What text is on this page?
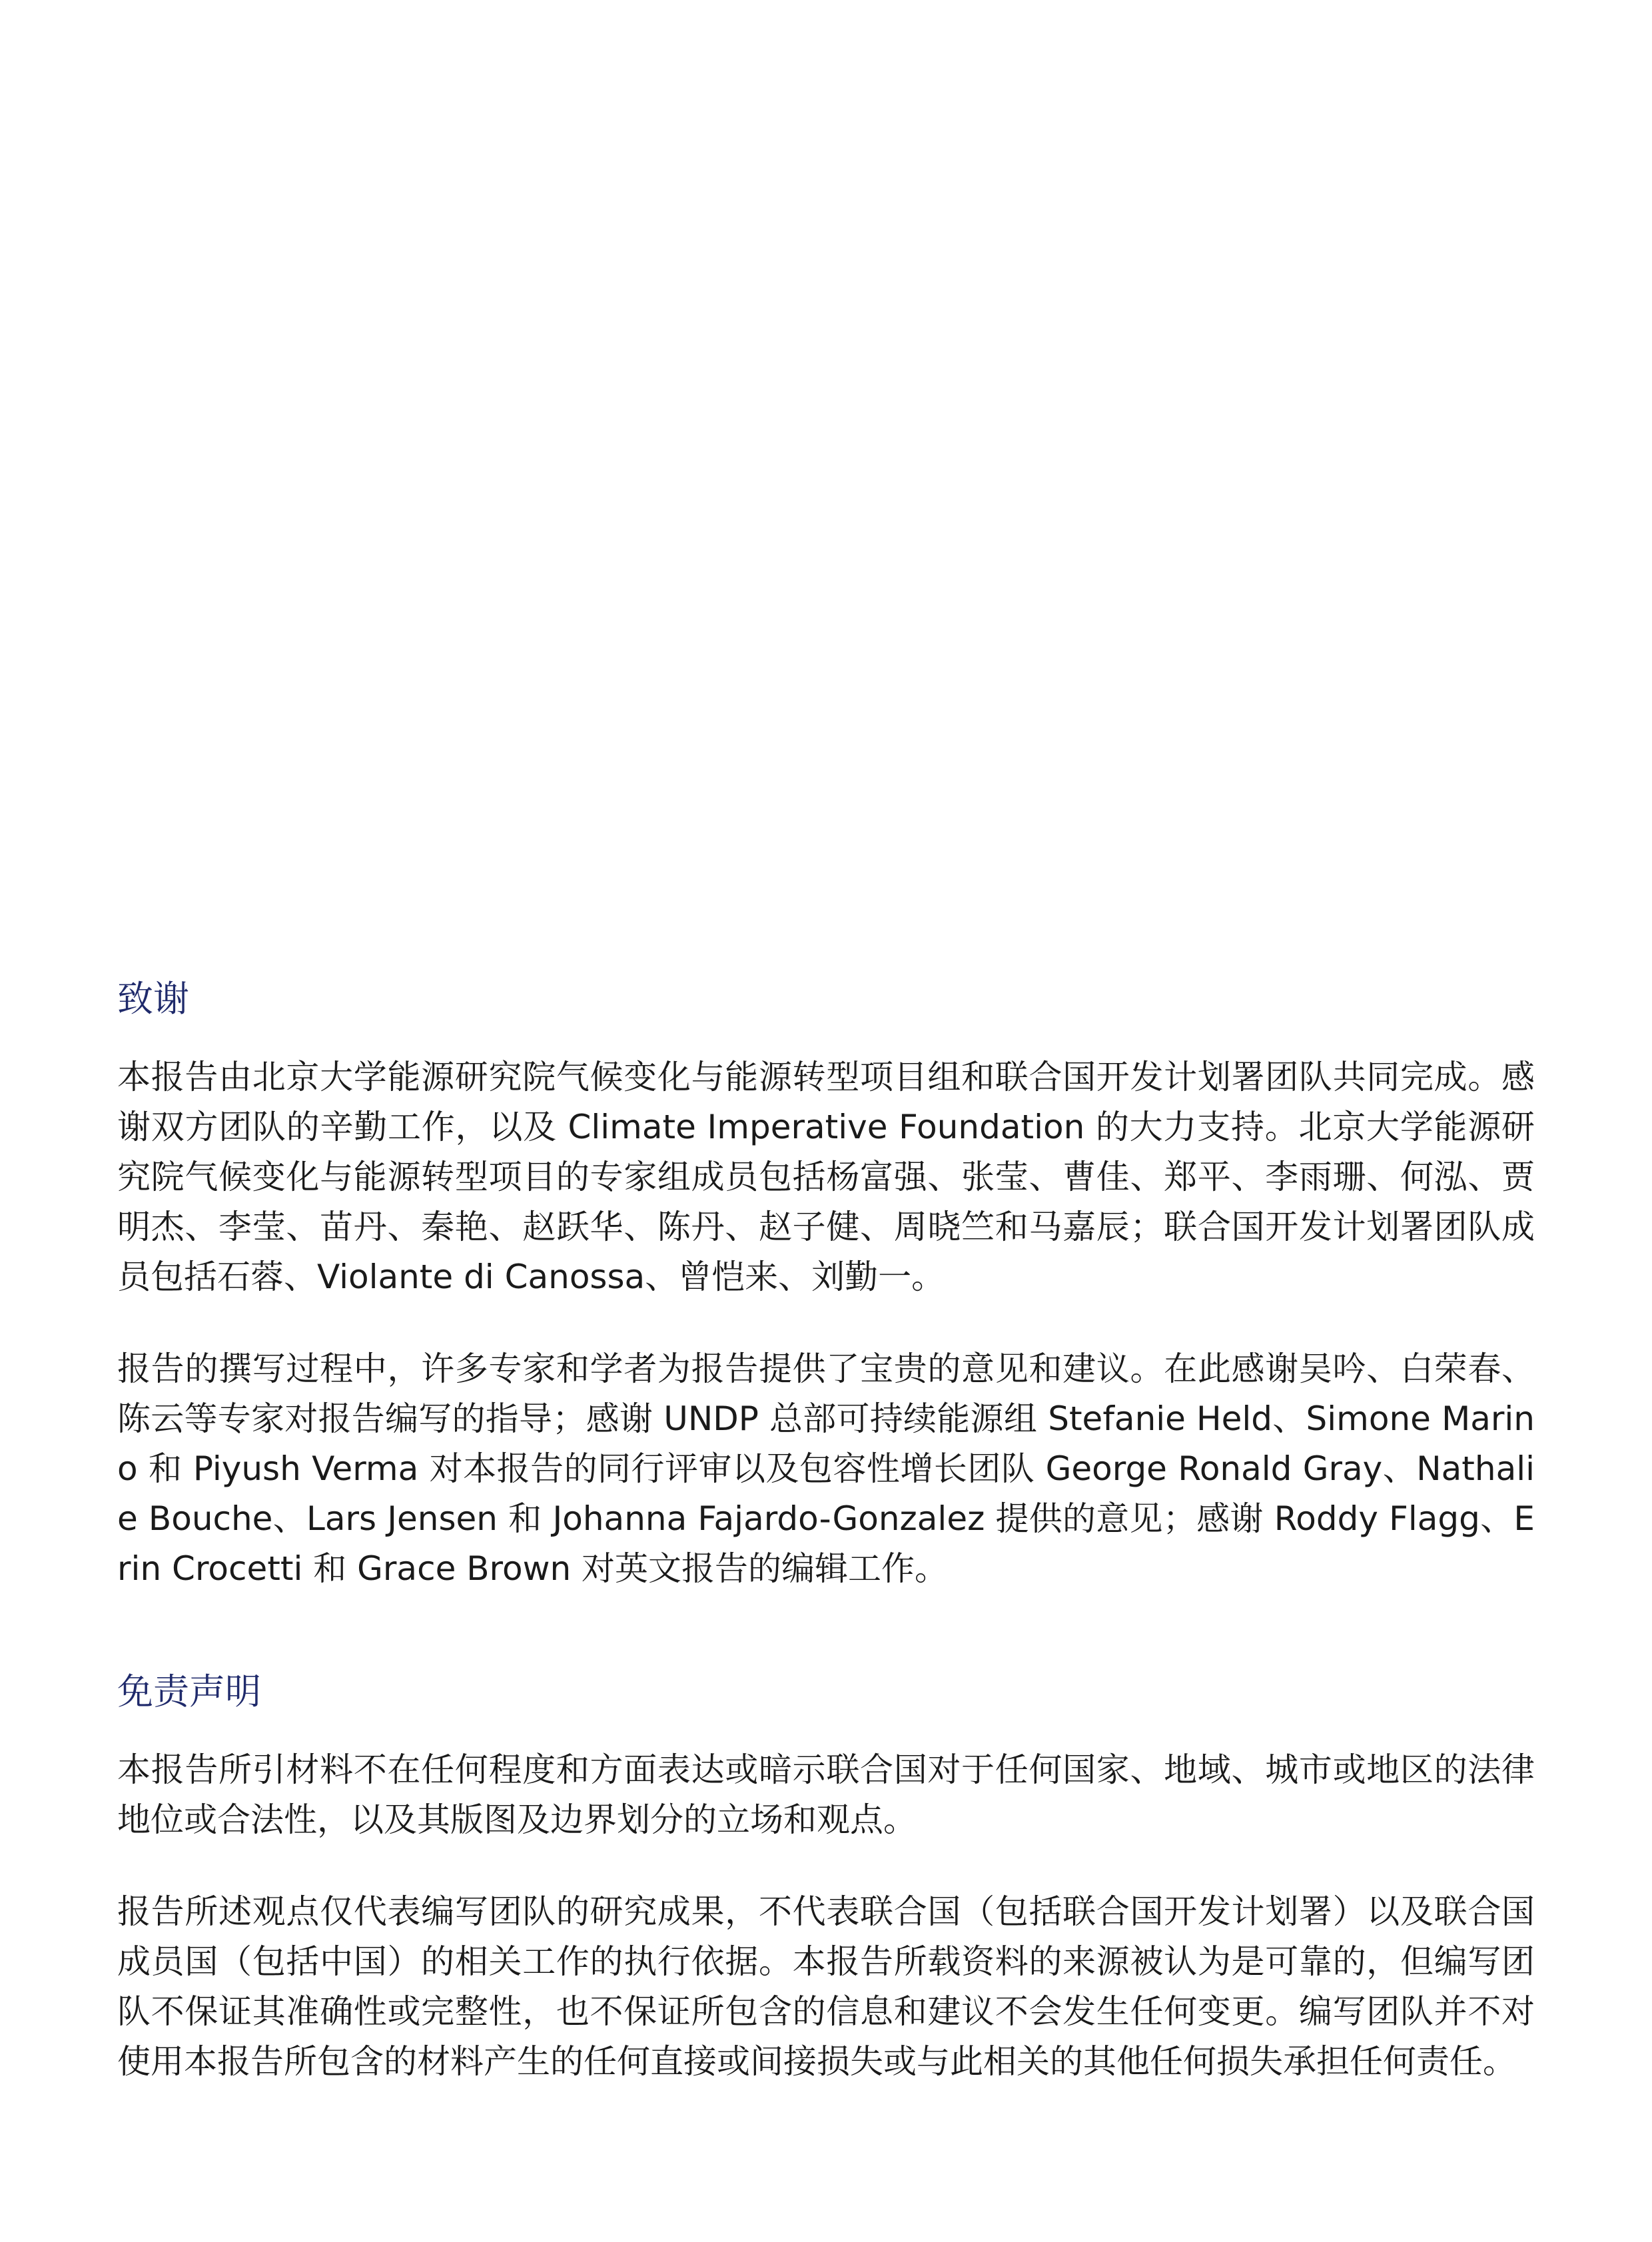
致谢

本报告由北京大学能源研究院气候变化与能源转型项目组和联合国开发计划署团队共同完成。感谢双方团队的辛勤工作，以及 Climate Imperative Foundation 的大力支持。北京大学能源研究院气候变化与能源转型项目的专家组成员包括杨富强、张莹、曹佳、郑平、李雨珊、何泓、贾明杰、李莹、苗丹、秦艳、赵跃华、陈丹、赵子健、周晓竺和马嘉辰；联合国开发计划署团队成员包括石蓉、Violante di Canossa、曾恺来、刘勤一。

报告的撰写过程中，许多专家和学者为报告提供了宝贵的意见和建议。在此感谢吴吟、白荣春、陈云等专家对报告编写的指导；感谢 UNDP 总部可持续能源组 Stefanie Held、Simone Marino 和 Piyush Verma 对本报告的同行评审以及包容性增长团队 George Ronald Gray、Nathalie Bouche、Lars Jensen 和 Johanna Fajardo-Gonzalez 提供的意见；感谢 Roddy Flagg、Erin Crocetti 和 Grace Brown 对英文报告的编辑工作。

免责声明

本报告所引材料不在任何程度和方面表达或暗示联合国对于任何国家、地域、城市或地区的法律地位或合法性，以及其版图及边界划分的立场和观点。

报告所述观点仅代表编写团队的研究成果，不代表联合国（包括联合国开发计划署）以及联合国成员国（包括中国）的相关工作的执行依据。本报告所载资料的来源被认为是可靠的，但编写团队不保证其准确性或完整性，也不保证所包含的信息和建议不会发生任何变更。编写团队并不对使用本报告所包含的材料产生的任何直接或间接损失或与此相关的其他任何损失承担任何责任。
